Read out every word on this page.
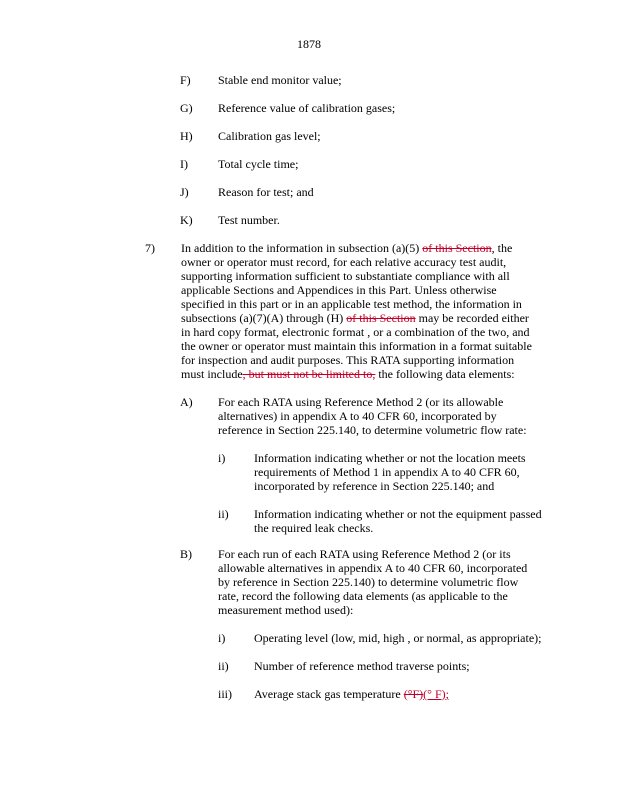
1878
F) Stable end monitor value;
G) Reference value of calibration gases;
H) Calibration gas level;
I)	Total cycle time;
J) Reason for test; and
K) Test number.
7) In addition to the information in subsection (a)(5) of this Section, the
owner or operator must record, for each relative accuracy test audit,
supporting information sufficient to substantiate compliance with all
applicable Sections and Appendices in this Part. Unless otherwise
specified in this part or in an applicable test method, the information in
subsections (a)(7)(A) through (H) of this Section may be recorded either
in hard copy format, electronic format , or a combination of the two, and
the owner or operator must maintain this information in a format suitable
for inspection and audit purposes. This RATA supporting information
must include, but must not be limited to, the following data elements:
A) For each RATA using Reference Method 2 (or its allowable
alternatives) in appendix A to 40 CFR 60, incorporated by
reference in Section 225.140, to determine volumetric flow rate:
i) Information indicating whether or not the location meets
requirements of Method 1 in appendix A to 40 CFR 60,
incorporated by reference in Section 225.140; and
ii) Information indicating whether or not the equipment passed
the required leak checks.
B) For each run of each RATA using Reference Method 2 (or its
allowable alternatives in appendix A to 40 CFR 60, incorporated
by reference in Section 225.140) to determine volumetric flow
rate, record the following data elements (as applicable to the
measurement method used):
i) Operating level (low, mid, high , or normal, as appropriate);
ii) Number of reference method traverse points;
iii) Average stack gas temperature (°F)(° F);
